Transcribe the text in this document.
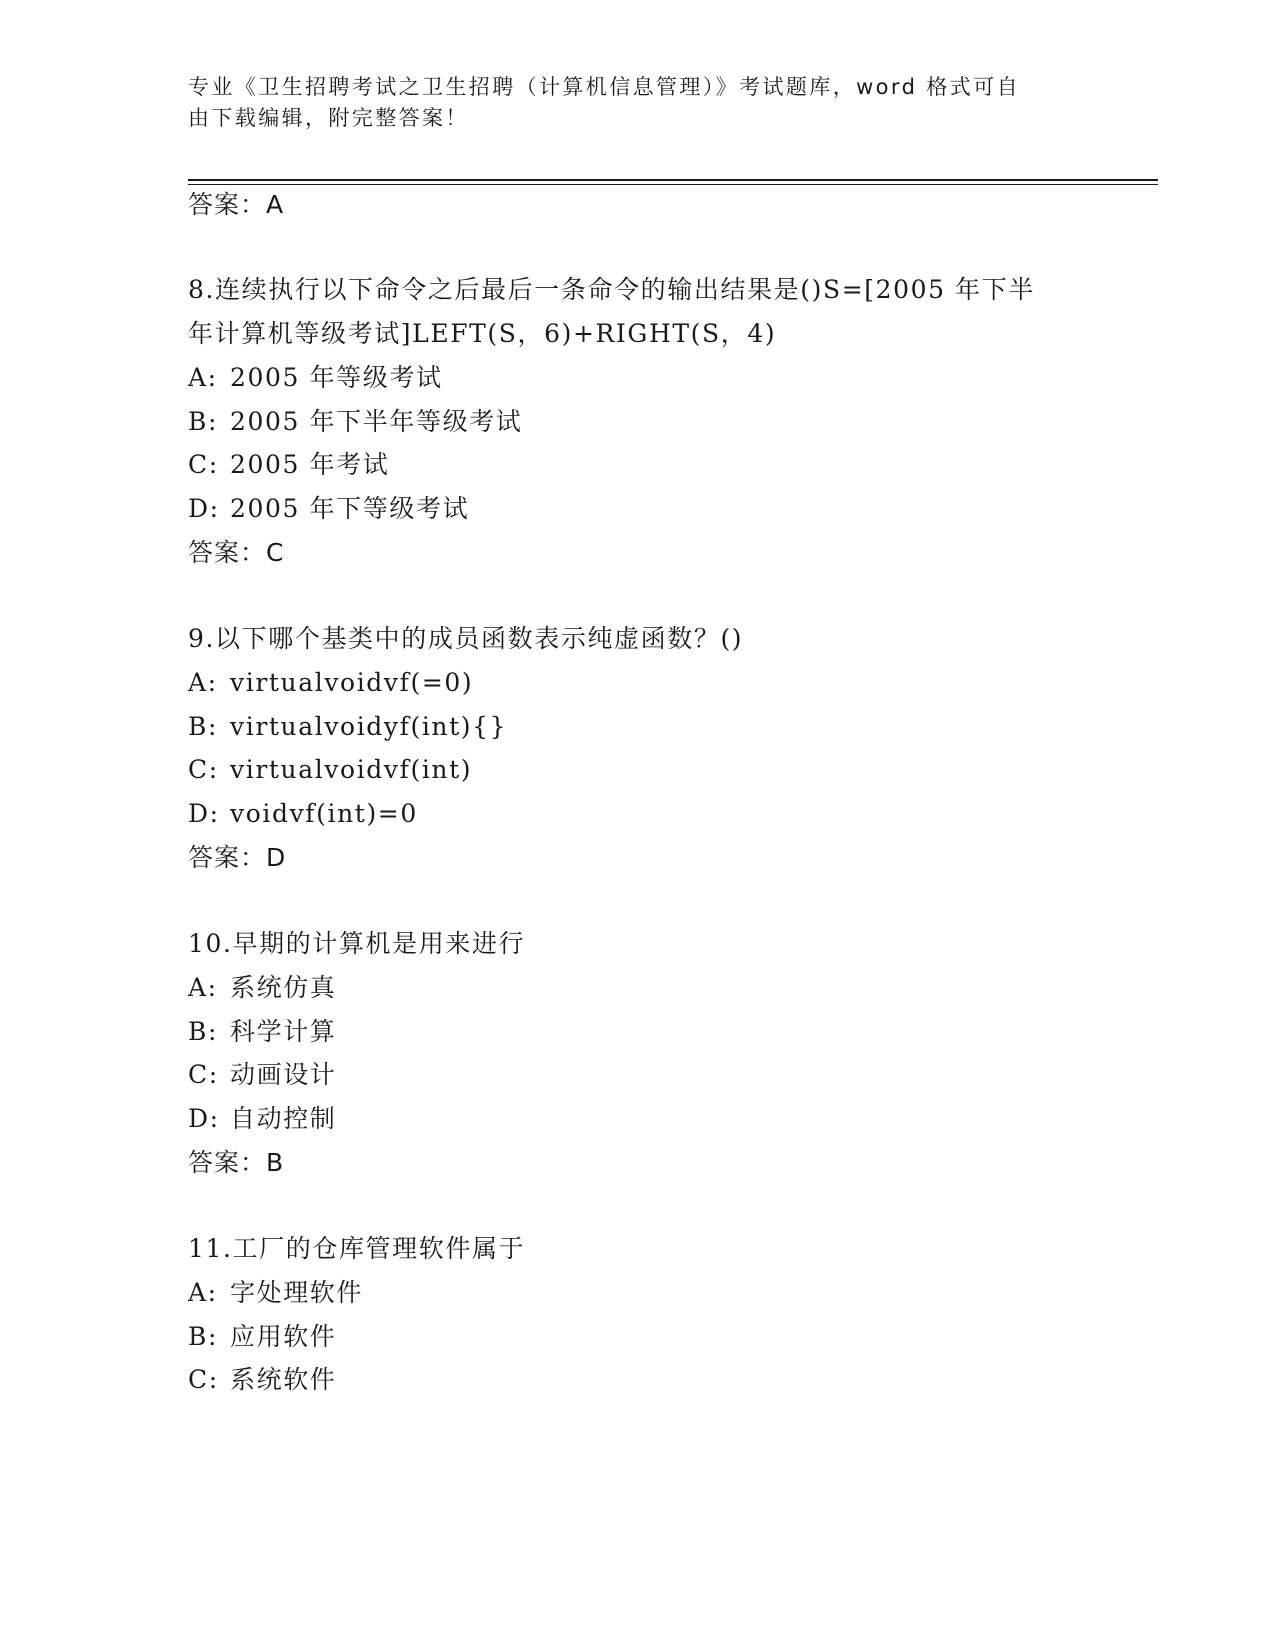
专业《卫生招聘考试之卫生招聘（计算机信息管理）》考试题库，word 格式可自
由下载编辑，附完整答案！
答案：A
8.连续执行以下命令之后最后一条命令的输出结果是()S=[2005 年下半
年计算机等级考试]LEFT(S，6)+RIGHT(S，4)
A: 2005 年等级考试
B: 2005 年下半年等级考试
C: 2005 年考试
D: 2005 年下等级考试
答案：C
9.以下哪个基类中的成员函数表示纯虚函数？()
A: virtualvoidvf(=0)
B: virtualvoidyf(int){}
C: virtualvoidvf(int)
D: voidvf(int)=0
答案：D
10.早期的计算机是用来进行
A: 系统仿真
B: 科学计算
C: 动画设计
D: 自动控制
答案：B
11.工厂的仓库管理软件属于
A: 字处理软件
B: 应用软件
C: 系统软件
